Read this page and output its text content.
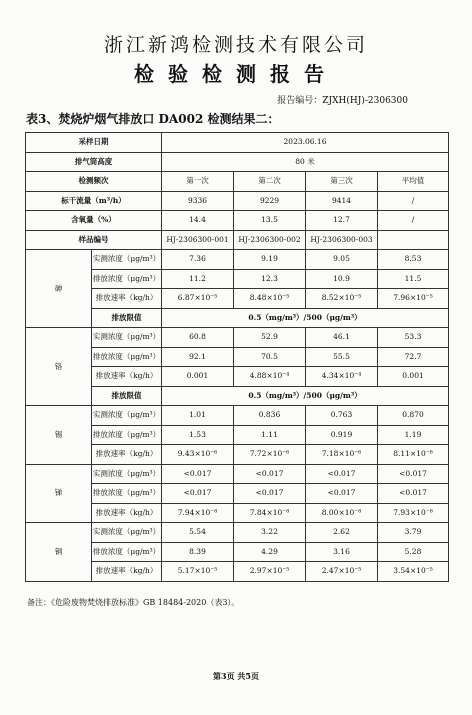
浙江新鸿检测技术有限公司
检验检测报告
报告编号：ZJXH(HJ)-2306300
表3、焚烧炉烟气排放口 DA002 检测结果二：
采样日期		2023.06.16			
排气筒高度		80 米			
检测频次		第一次	第二次	第三次	平均值
标干流量（m³/h）		9336	9229	9414	/
含氧量（%）		14.4	13.5	12.7	/
样品编号		HJ-2306300-001	HJ-2306300-002	HJ-2306300-003	
砷	实测浓度（μg/m³）	7.36	9.19	9.05	8.53
	排放浓度（μg/m³）	11.2	12.3	10.9	11.5
	排放速率（kg/h）	6.87×10⁻⁵	8.48×10⁻⁵	8.52×10⁻⁵	7.96×10⁻⁵
	排放限值	0.5（mg/m³）/500（μg/m³）			
铬	实测浓度（μg/m³）	60.8	52.9	46.1	53.3
	排放浓度（μg/m³）	92.1	70.5	55.5	72.7
	排放速率（kg/h）	0.001	4.88×10⁻⁴	4.34×10⁻⁴	0.001
	排放限值	0.5（mg/m³）/500（μg/m³）			
锡	实测浓度（μg/m³）	1.01	0.836	0.763	0.870
	排放浓度（μg/m³）	1.53	1.11	0.919	1.19
	排放速率（kg/h）	9.43×10⁻⁶	7.72×10⁻⁶	7.18×10⁻⁶	8.11×10⁻⁶
锑	实测浓度（μg/m³）	<0.017	<0.017	<0.017	<0.017
	排放浓度（μg/m³）	<0.017	<0.017	<0.017	<0.017
	排放速率（kg/h）	7.94×10⁻⁸	7.84×10⁻⁸	8.00×10⁻⁸	7.93×10⁻⁸
铜	实测浓度（μg/m³）	5.54	3.22	2.62	3.79
	排放浓度（μg/m³）	8.39	4.29	3.16	5.28
	排放速率（kg/h）	5.17×10⁻⁵	2.97×10⁻⁵	2.47×10⁻⁵	3.54×10⁻⁵
备注：《危险废物焚烧排放标准》GB 18484-2020（表3）。
第3页 共5页
